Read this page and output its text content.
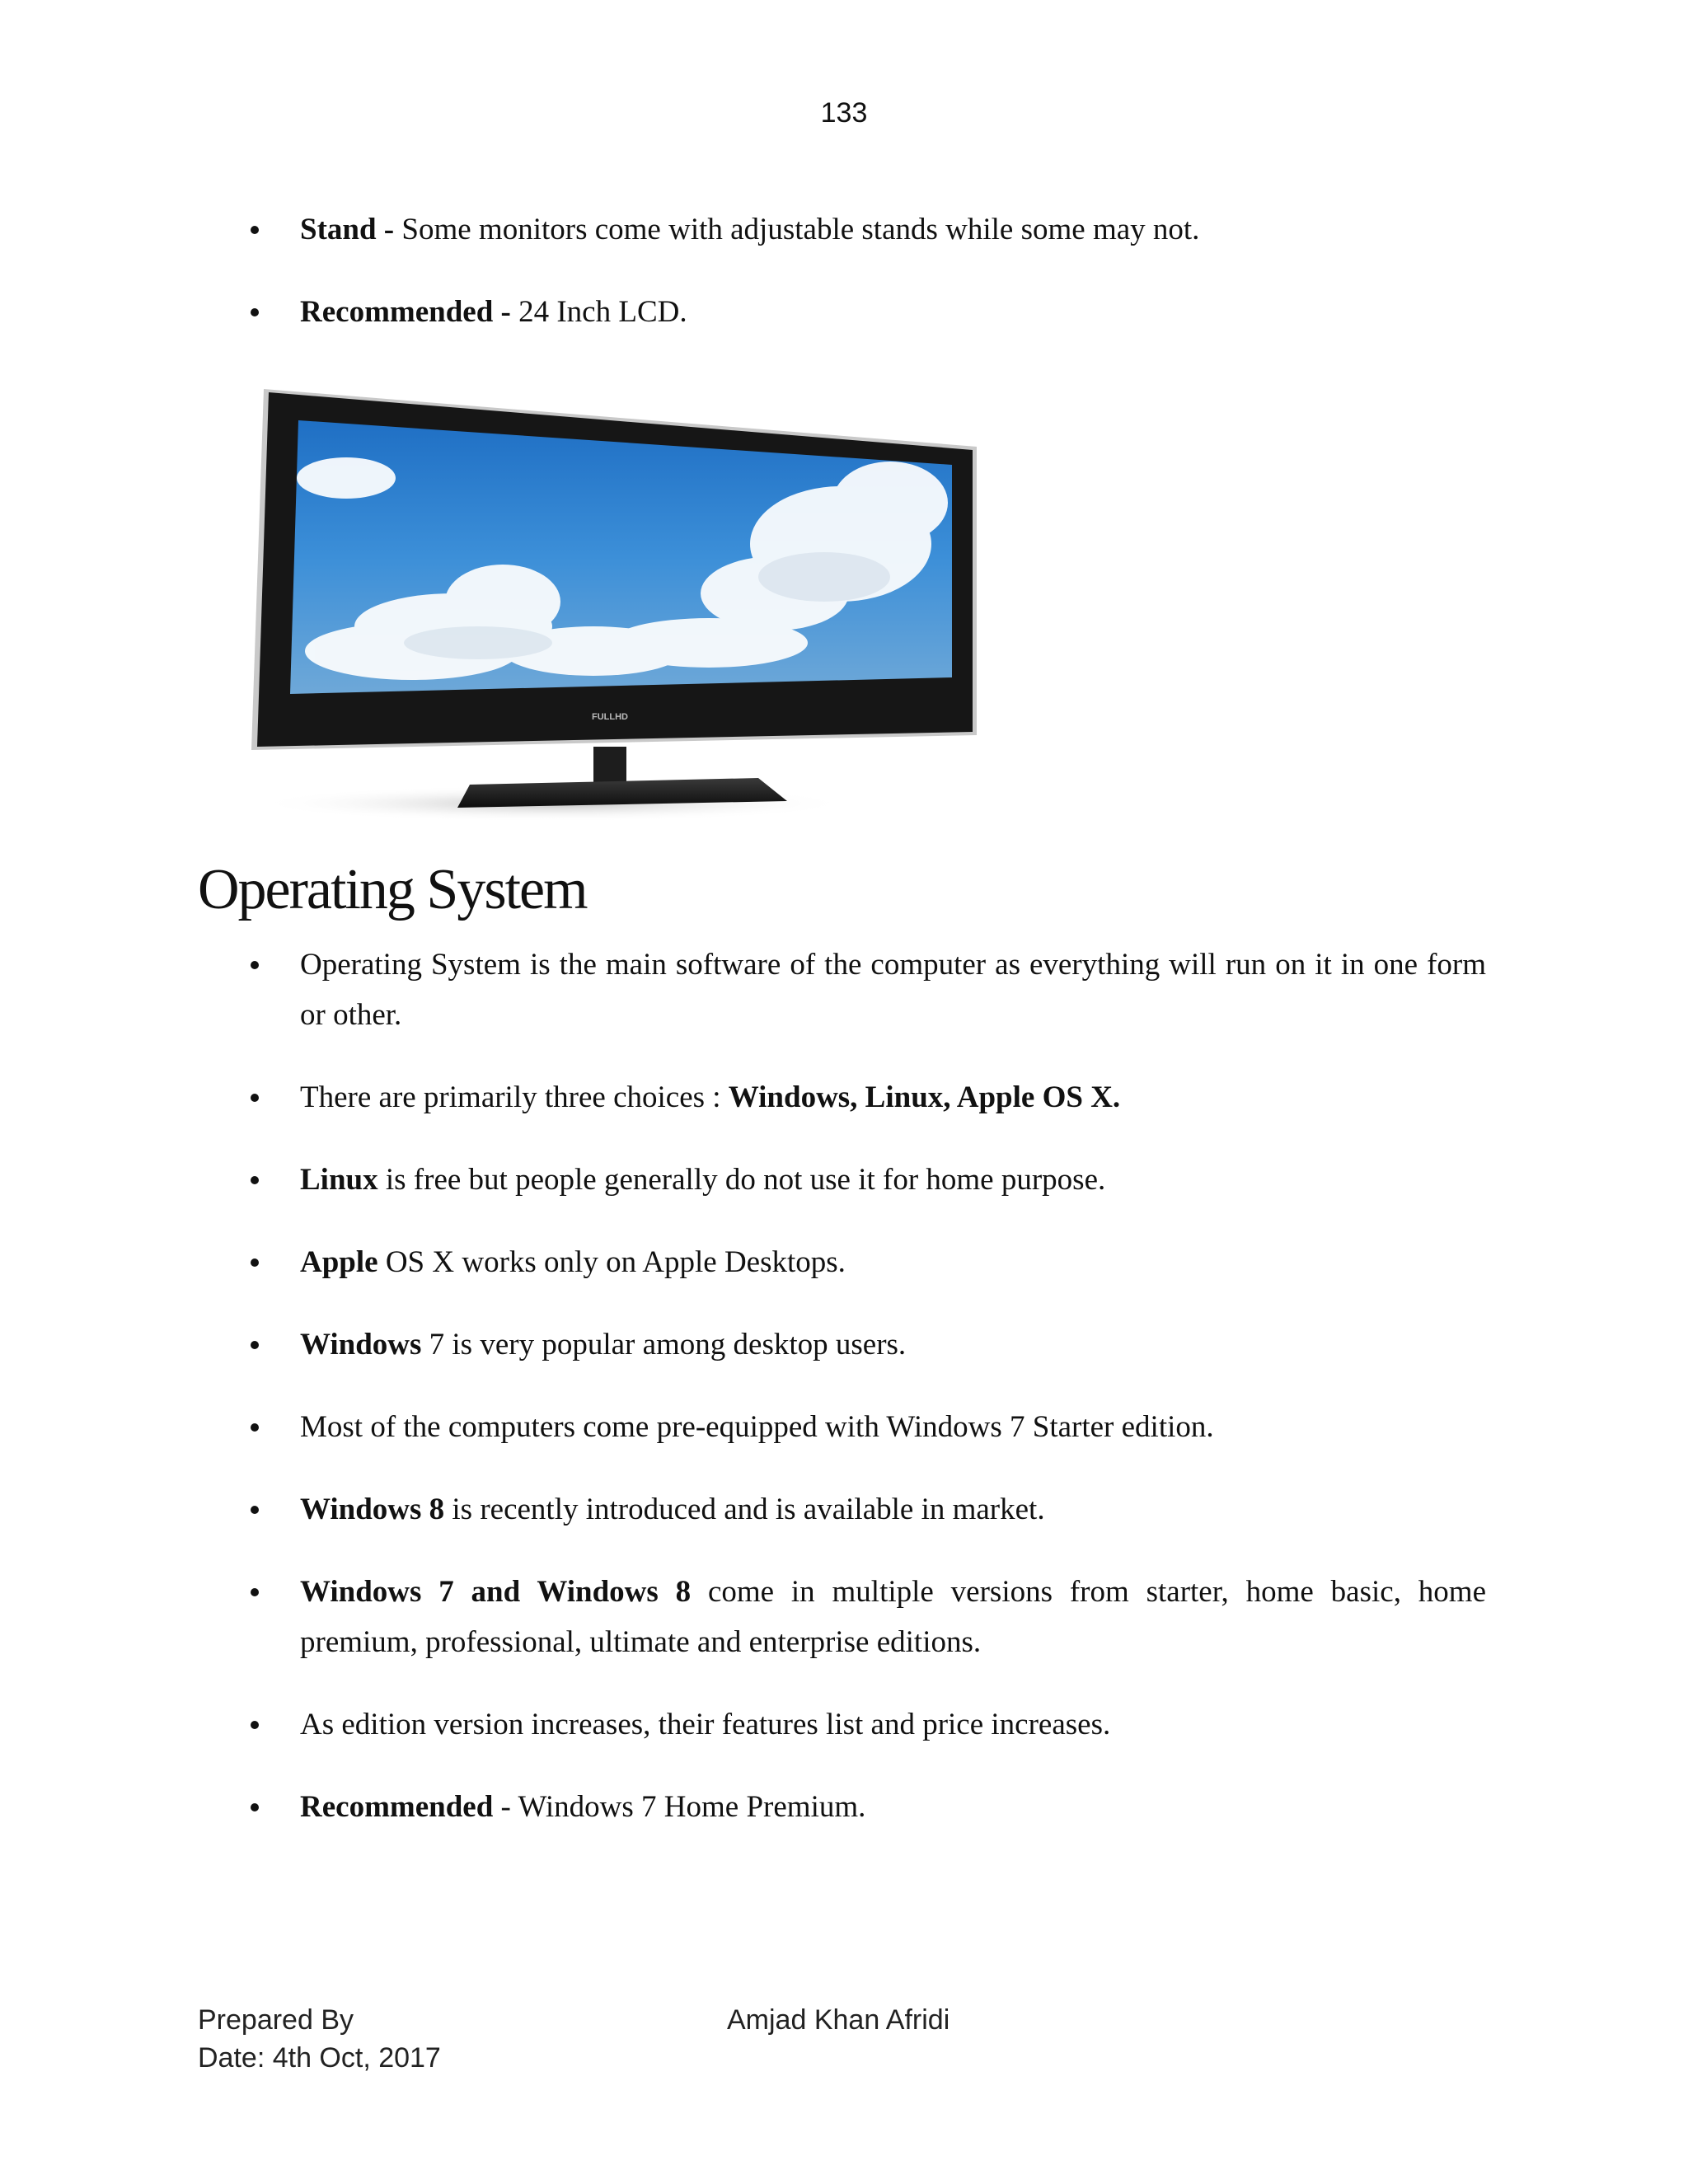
133
Stand - Some monitors come with adjustable stands while some may not.
Recommended - 24 Inch LCD.
FULLHD
Operating System
Operating System is the main software of the computer as everything will run on it in one form or other.
There are primarily three choices : Windows, Linux, Apple OS X.
Linux is free but people generally do not use it for home purpose.
Apple OS X works only on Apple Desktops.
Windows 7 is very popular among desktop users.
Most of the computers come pre-equipped with Windows 7 Starter edition.
Windows 8 is recently introduced and is available in market.
Windows 7 and Windows 8 come in multiple versions from starter, home basic, home premium, professional, ultimate and enterprise editions.
As edition version increases, their features list and price increases.
Recommended - Windows 7 Home Premium.
Prepared By
Date: 4th Oct, 2017
Amjad Khan Afridi
